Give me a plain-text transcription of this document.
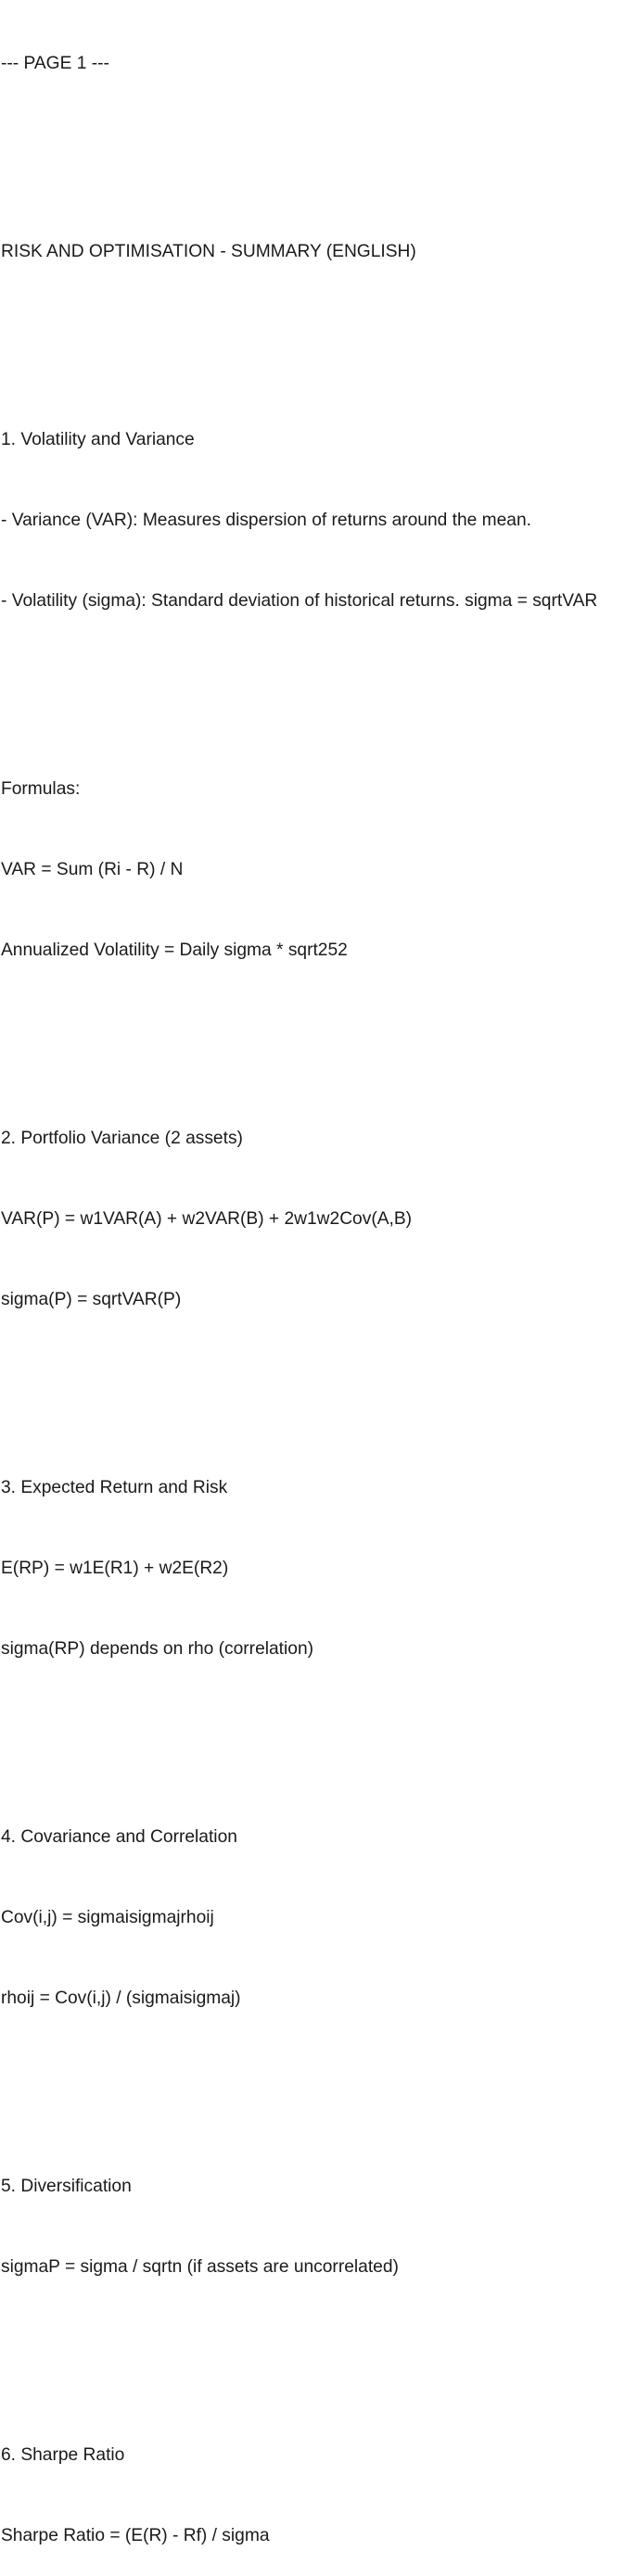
--- PAGE 1 ---

RISK AND OPTIMISATION - SUMMARY (ENGLISH)

1. Volatility and Variance

- Variance (VAR): Measures dispersion of returns around the mean.

- Volatility (sigma): Standard deviation of historical returns. sigma = sqrtVAR

Formulas:

VAR = Sum (Ri - R) / N

Annualized Volatility = Daily sigma * sqrt252

2. Portfolio Variance (2 assets)

VAR(P) = w1VAR(A) + w2VAR(B) + 2w1w2Cov(A,B)

sigma(P) = sqrtVAR(P)

3. Expected Return and Risk

E(RP) = w1E(R1) + w2E(R2)

sigma(RP) depends on rho (correlation)

4. Covariance and Correlation

Cov(i,j) = sigmaisigmajrhoij

rhoij = Cov(i,j) / (sigmaisigmaj)

5. Diversification

sigmaP = sigma / sqrtn (if assets are uncorrelated)

6. Sharpe Ratio

Sharpe Ratio = (E(R) - Rf) / sigma
